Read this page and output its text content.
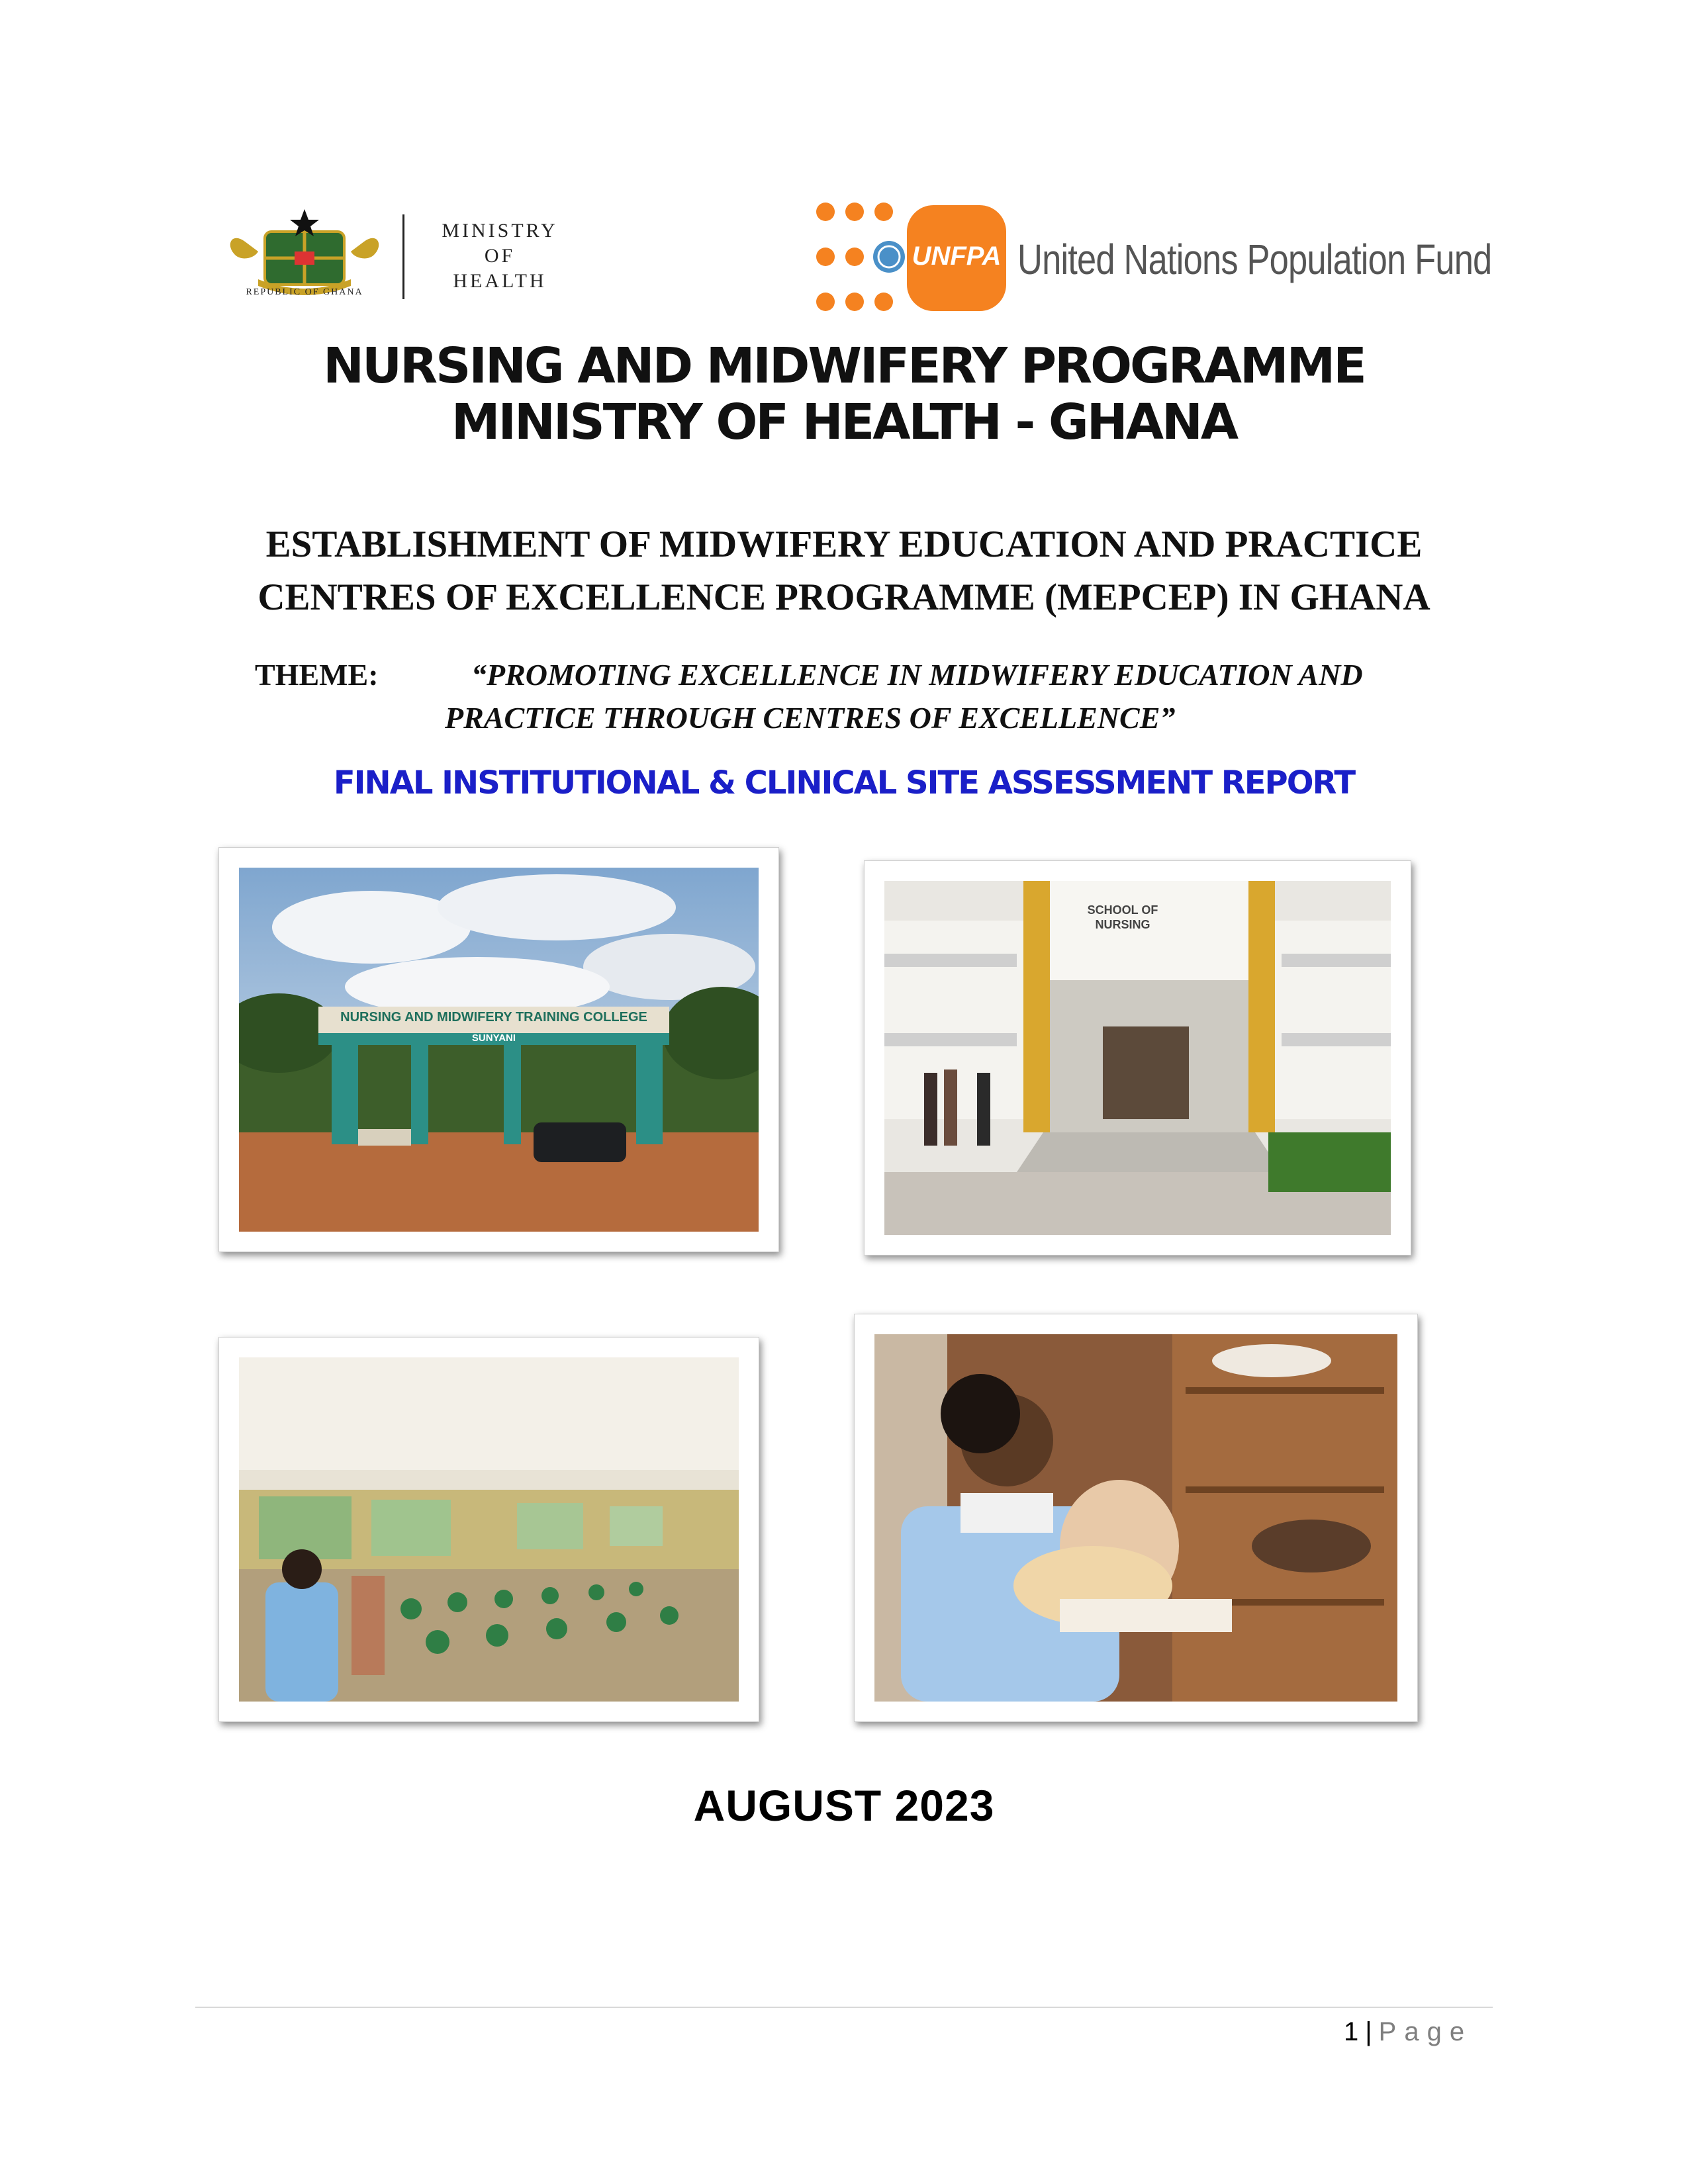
REPUBLIC OF GHANA
MINISTRY
OF
HEALTH
UNFPA United Nations Population Fund
NURSING AND MIDWIFERY PROGRAMME
MINISTRY OF HEALTH - GHANA
ESTABLISHMENT OF MIDWIFERY EDUCATION AND PRACTICE
CENTRES OF EXCELLENCE PROGRAMME (MEPCEP) IN GHANA
THEME:	“PROMOTING EXCELLENCE IN MIDWIFERY EDUCATION AND
PRACTICE THROUGH CENTRES OF EXCELLENCE”
FINAL INSTITUTIONAL & CLINICAL SITE ASSESSMENT REPORT
NURSING AND MIDWIFERY TRAINING COLLEGE
SUNYANI
SCHOOL OF
NURSING
AUGUST 2023
1 | Page
